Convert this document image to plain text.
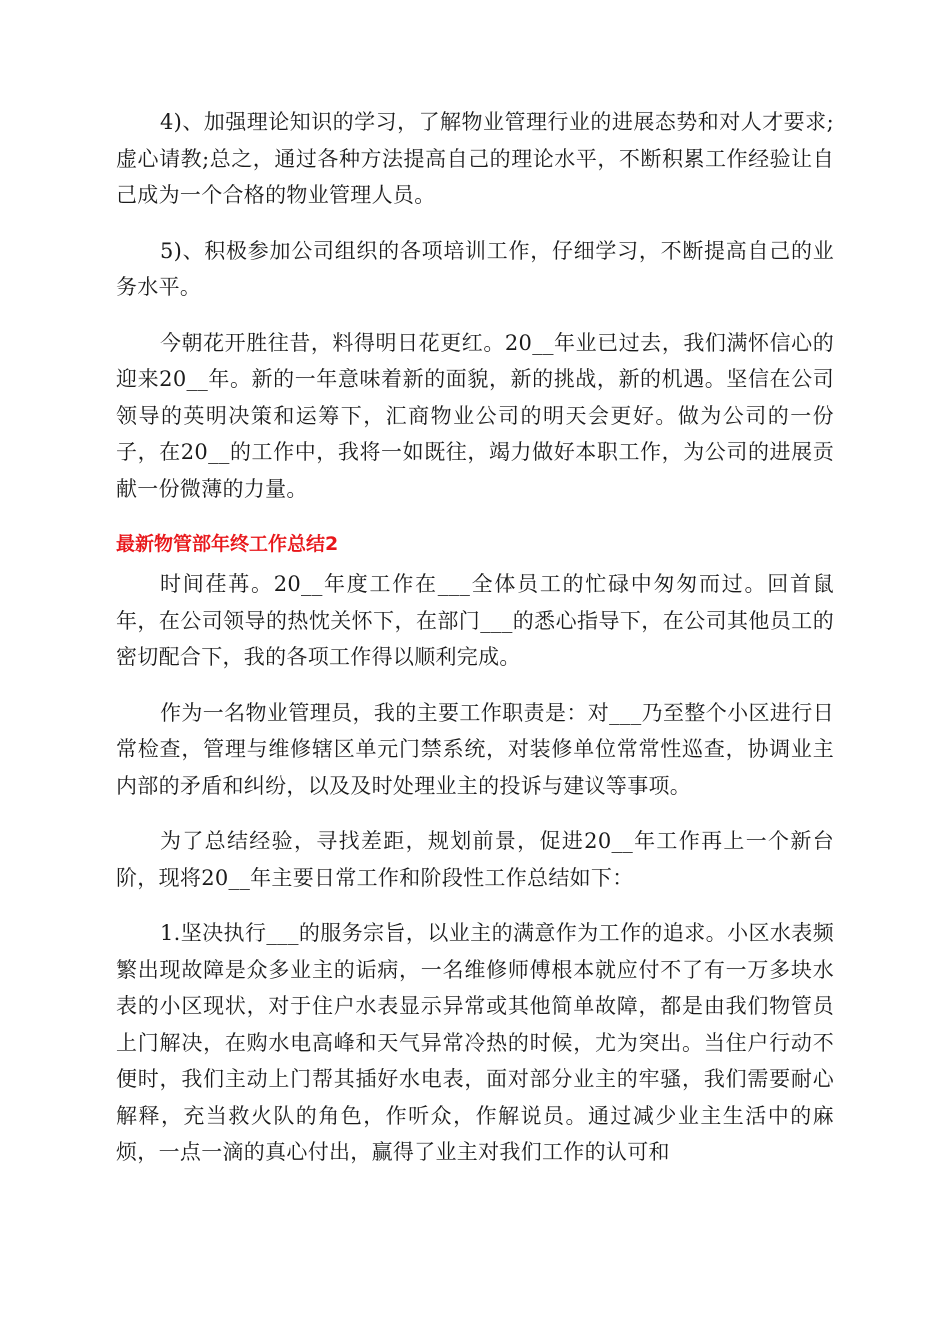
4)、加强理论知识的学习，了解物业管理行业的进展态势和对人才要求;虚心请教;总之，通过各种方法提高自己的理论水平，不断积累工作经验让自己成为一个合格的物业管理人员。

5)、积极参加公司组织的各项培训工作，仔细学习，不断提高自己的业务水平。

今朝花开胜往昔，料得明日花更红。20__年业已过去，我们满怀信心的迎来20__年。新的一年意味着新的面貌，新的挑战，新的机遇。坚信在公司领导的英明决策和运筹下，汇商物业公司的明天会更好。做为公司的一份子，在20__的工作中，我将一如既往，竭力做好本职工作，为公司的进展贡献一份微薄的力量。

最新物管部年终工作总结2

时间荏苒。20__年度工作在___全体员工的忙碌中匆匆而过。回首鼠年，在公司领导的热忱关怀下，在部门___的悉心指导下，在公司其他员工的密切配合下，我的各项工作得以顺利完成。

作为一名物业管理员，我的主要工作职责是：对___乃至整个小区进行日常检查，管理与维修辖区单元门禁系统，对装修单位常常性巡查，协调业主内部的矛盾和纠纷，以及及时处理业主的投诉与建议等事项。

为了总结经验，寻找差距，规划前景，促进20__年工作再上一个新台阶，现将20__年主要日常工作和阶段性工作总结如下：

1.坚决执行___的服务宗旨，以业主的满意作为工作的追求。小区水表频繁出现故障是众多业主的诟病，一名维修师傅根本就应付不了有一万多块水表的小区现状，对于住户水表显示异常或其他简单故障，都是由我们物管员上门解决，在购水电高峰和天气异常冷热的时候，尤为突出。当住户行动不便时，我们主动上门帮其插好水电表，面对部分业主的牢骚，我们需要耐心解释，充当救火队的角色，作听众，作解说员。通过减少业主生活中的麻烦，一点一滴的真心付出，赢得了业主对我们工作的认可和
